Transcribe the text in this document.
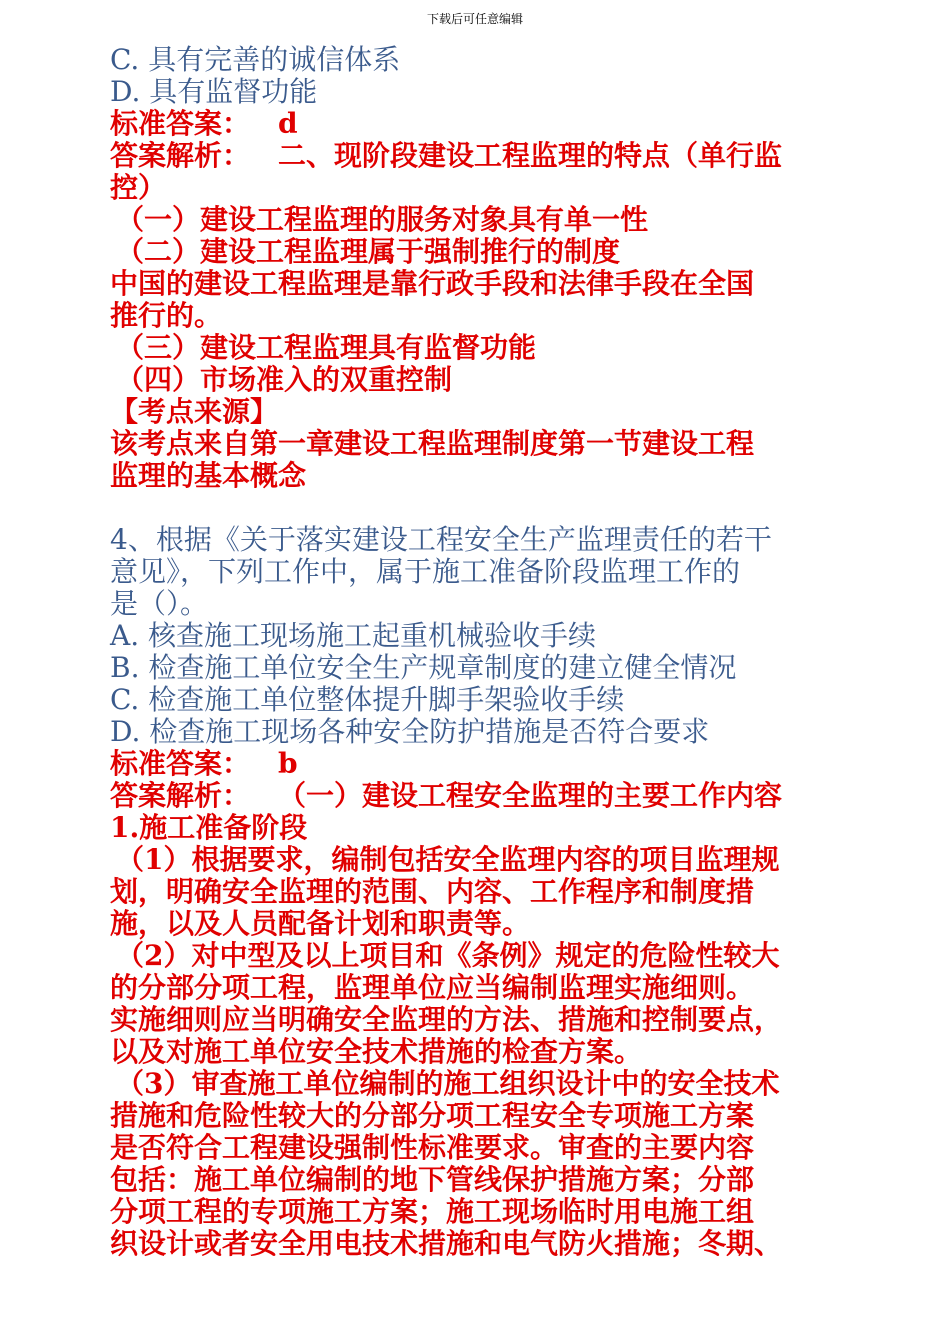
下载后可任意编辑
C. 具有完善的诚信体系
D. 具有监督功能
标准答案： d
答案解析： 二、现阶段建设工程监理的特点（单行监
控）
（一）建设工程监理的服务对象具有单一性
（二）建设工程监理属于强制推行的制度
中国的建设工程监理是靠行政手段和法律手段在全国
推行的。
（三）建设工程监理具有监督功能
（四）市场准入的双重控制
【考点来源】
该考点来自第一章建设工程监理制度第一节建设工程
监理的基本概念
4、根据《关于落实建设工程安全生产监理责任的若干
意见》，下列工作中，属于施工准备阶段监理工作的
是（）。
A. 核查施工现场施工起重机械验收手续
B. 检查施工单位安全生产规章制度的建立健全情况
C. 检查施工单位整体提升脚手架验收手续
D. 检查施工现场各种安全防护措施是否符合要求
标准答案： b
答案解析： （一）建设工程安全监理的主要工作内容
1.施工准备阶段
（1）根据要求，编制包括安全监理内容的项目监理规
划，明确安全监理的范围、内容、工作程序和制度措
施，以及人员配备计划和职责等。
（2）对中型及以上项目和《条例》规定的危险性较大
的分部分项工程，监理单位应当编制监理实施细则。
实施细则应当明确安全监理的方法、措施和控制要点，
以及对施工单位安全技术措施的检查方案。
（3）审查施工单位编制的施工组织设计中的安全技术
措施和危险性较大的分部分项工程安全专项施工方案
是否符合工程建设强制性标准要求。审查的主要内容
包括：施工单位编制的地下管线保护措施方案；分部
分项工程的专项施工方案；施工现场临时用电施工组
织设计或者安全用电技术措施和电气防火措施；冬期、
